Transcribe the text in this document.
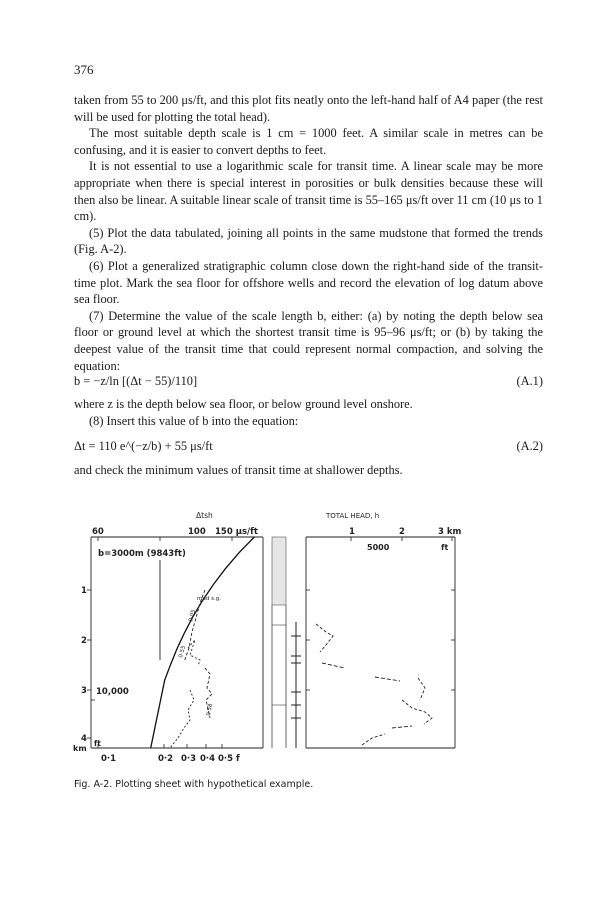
376

taken from 55 to 200 μs/ft, and this plot fits neatly onto the left-hand half of A4 paper (the rest will be used for plotting the total head).

The most suitable depth scale is 1 cm = 1000 feet. A similar scale in metres can be confusing, and it is easier to convert depths to feet.

It is not essential to use a logarithmic scale for transit time. A linear scale may be more appropriate when there is special interest in porosities or bulk densities because these will then also be linear. A suitable linear scale of transit time is 55–165 μs/ft over 11 cm (10 μs to 1 cm).

(5) Plot the data tabulated, joining all points in the same mudstone that formed the trends (Fig. A-2).

(6) Plot a generalized stratigraphic column close down the right-hand side of the transit-time plot. Mark the sea floor for offshore wells and record the elevation of log datum above sea floor.

(7) Determine the value of the scale length b, either: (a) by noting the depth below sea floor or ground level at which the shortest transit time is 95–96 μs/ft; or (b) by taking the deepest value of the transit time that could represent normal compaction, and solving the equation:

b = −z/ln [(Δt − 55)/110]	(A.1)

where z is the depth below sea floor, or below ground level onshore.

(8) Insert this value of b into the equation:

Δt = 110 e^(−z/b) + 55 μs/ft	(A.2)

and check the minimum values of transit time at shallower depths.

Δtsh
60	100 150 μs/ft
b=3000m (9843ft)
1
2
3
4
km
10,000
ft
mud s.g.
0·05
0·55
0·58
0·1	0·2 0·3 0·4 0·5 f
TOTAL HEAD, h
1	2	3 km
5000	ft
Fig. A-2. Plotting sheet with hypothetical example.
